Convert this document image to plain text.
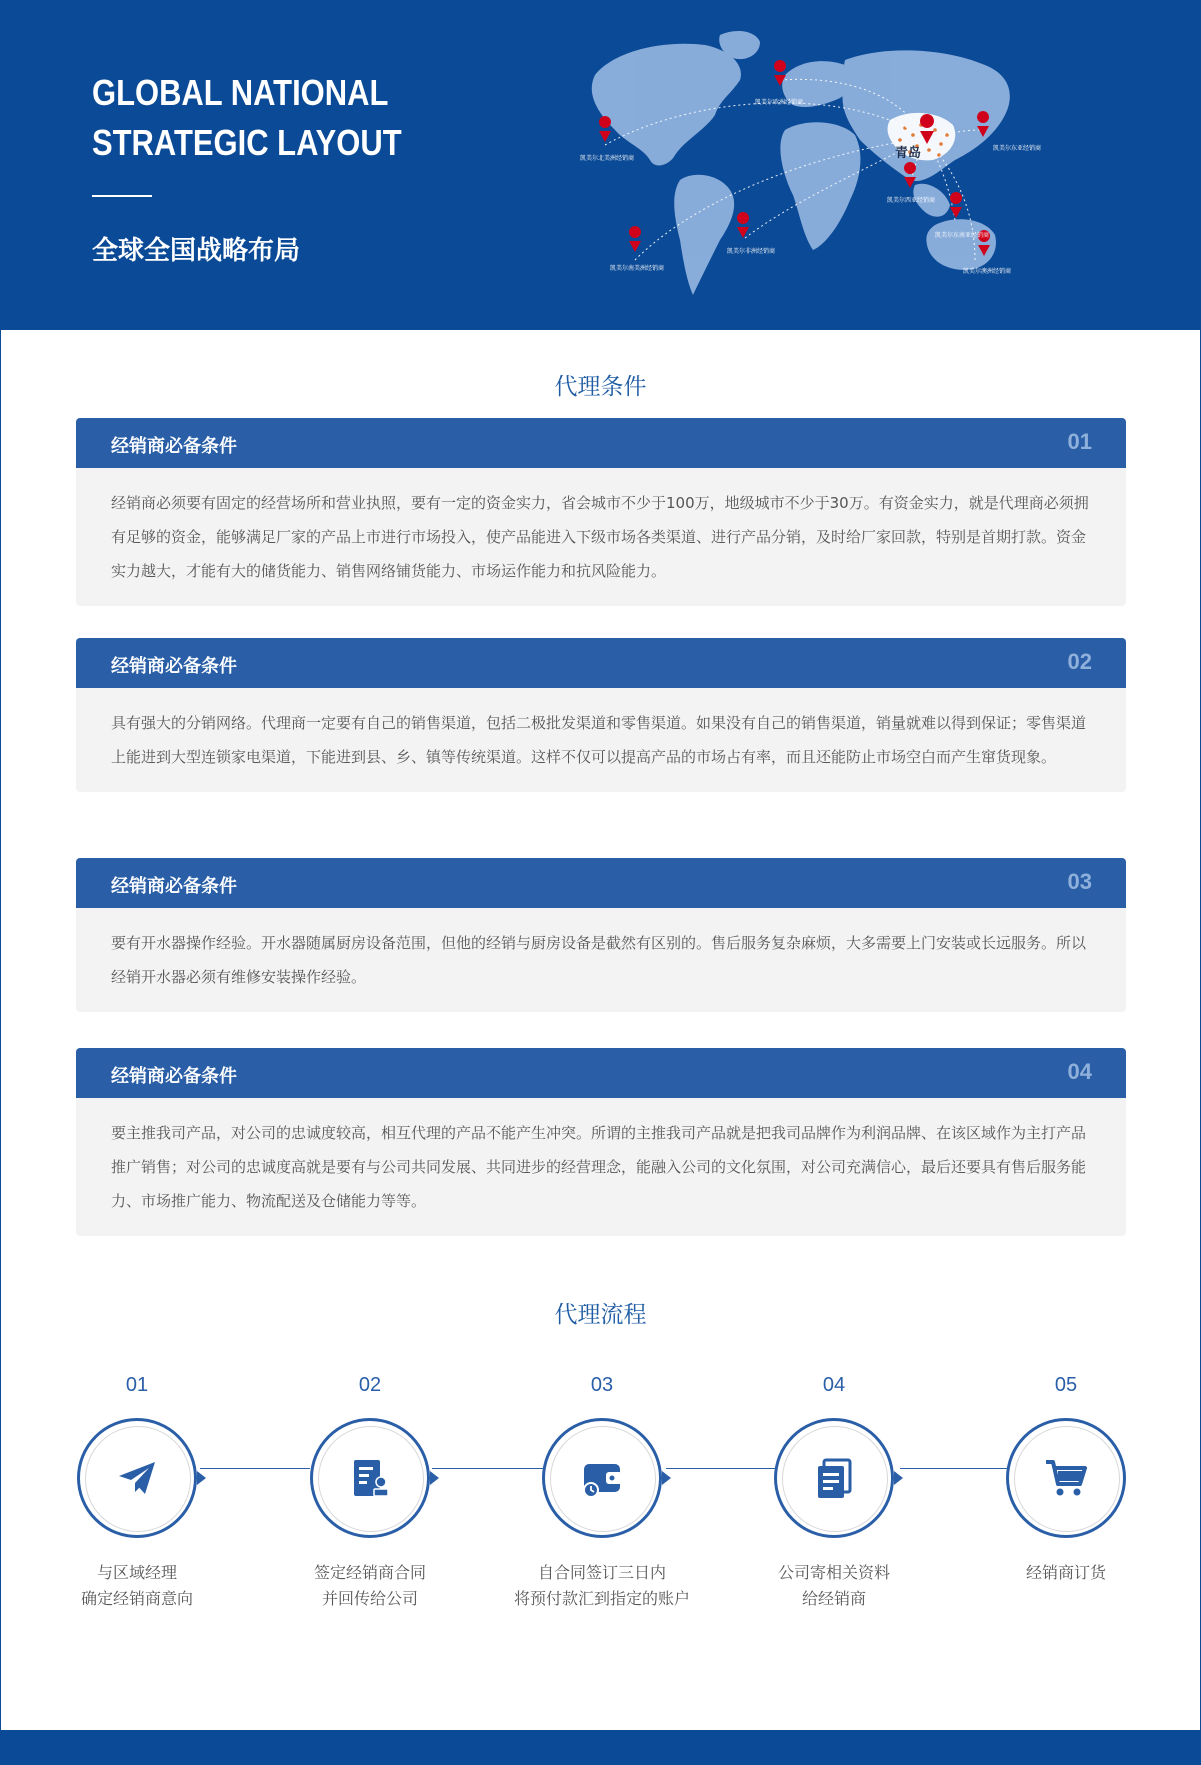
GLOBAL NATIONAL
STRATEGIC LAYOUT
全球全国战略布局
青岛
凯美尔欧洲经销商
凯美尔北美洲经销商
凯美尔东亚经销商
凯美尔西亚经销商
凯美尔东南亚经销商
凯美尔非洲经销商
凯美尔南美洲经销商	凯美尔澳洲经销商
代理条件
经销商必备条件	01
经销商必须要有固定的经营场所和营业执照，要有一定的资金实力，省会城市不少于100万，地级城市不少于30万。有资金实力，就是代理商必须拥有足够的资金，能够满足厂家的产品上市进行市场投入，使产品能进入下级市场各类渠道、进行产品分销，及时给厂家回款，特别是首期打款。资金实力越大，才能有大的储货能力、销售网络铺货能力、市场运作能力和抗风险能力。
经销商必备条件	02
具有强大的分销网络。代理商一定要有自己的销售渠道，包括二极批发渠道和零售渠道。如果没有自己的销售渠道，销量就难以得到保证；零售渠道上能进到大型连锁家电渠道，下能进到县、乡、镇等传统渠道。这样不仅可以提高产品的市场占有率，而且还能防止市场空白而产生窜货现象。
经销商必备条件	03
要有开水器操作经验。开水器随属厨房设备范围，但他的经销与厨房设备是截然有区别的。售后服务复杂麻烦，大多需要上门安装或长远服务。所以经销开水器必须有维修安装操作经验。
经销商必备条件	04
要主推我司产品，对公司的忠诚度较高，相互代理的产品不能产生冲突。所谓的主推我司产品就是把我司品牌作为利润品牌、在该区域作为主打产品推广销售；对公司的忠诚度高就是要有与公司共同发展、共同进步的经营理念，能融入公司的文化氛围，对公司充满信心，最后还要具有售后服务能力、市场推广能力、物流配送及仓储能力等等。
代理流程
01
与区域经理
确定经销商意向
02
签定经销商合同
并回传给公司
03
自合同签订三日内
将预付款汇到指定的账户
04
公司寄相关资料
给经销商
05
经销商订货
